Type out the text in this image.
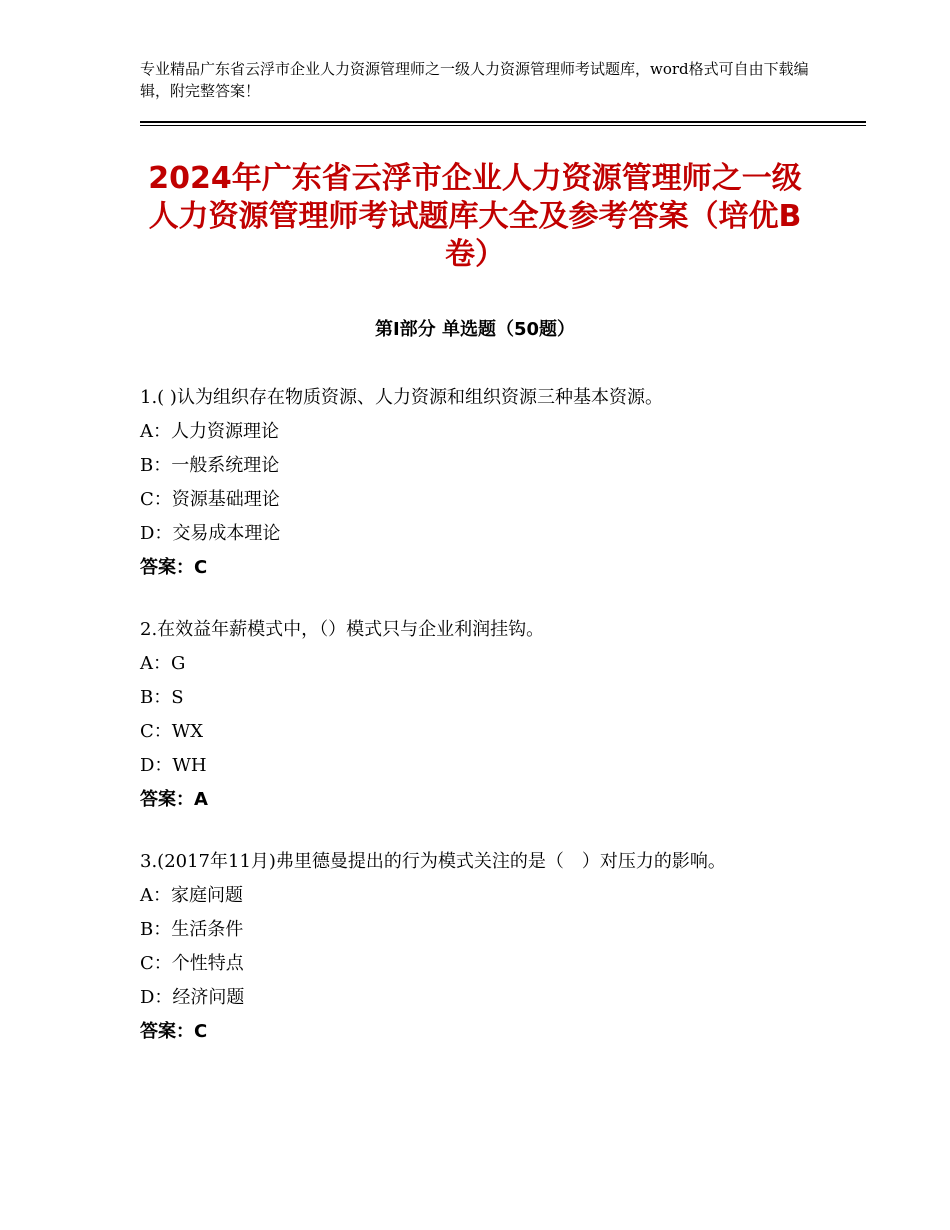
专业精品广东省云浮市企业人力资源管理师之一级人力资源管理师考试题库，word格式可自由下载编辑，附完整答案！
2024年广东省云浮市企业人力资源管理师之一级人力资源管理师考试题库大全及参考答案（培优B卷）
第Ⅰ部分 单选题（50题）

1.( )认为组织存在物质资源、人力资源和组织资源三种基本资源。

A：人力资源理论

B：一般系统理论

C：资源基础理论

D：交易成本理论

答案：C

2.在效益年薪模式中，（）模式只与企业利润挂钩。

A：G

B：S

C：WX

D：WH

答案：A

3.(2017年11月)弗里德曼提出的行为模式关注的是（　）对压力的影响。

A：家庭问题

B：生活条件

C：个性特点

D：经济问题

答案：C
